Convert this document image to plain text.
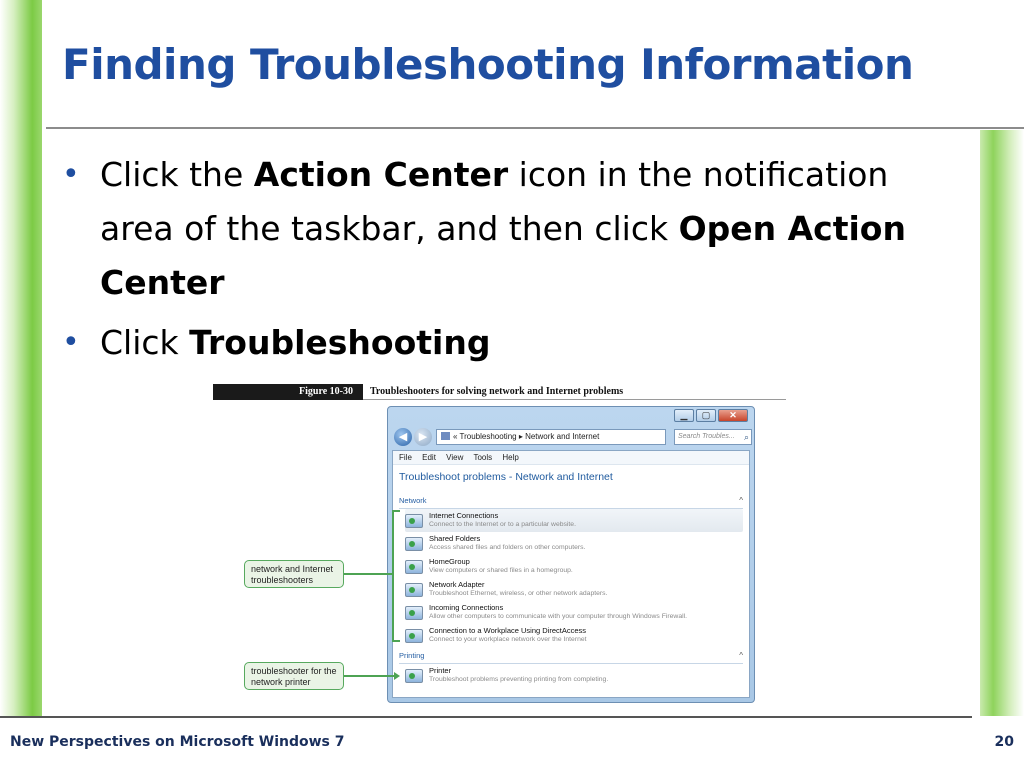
Finding Troubleshooting Information
• Click the Action Center icon in the notification area of the taskbar, and then click Open Action Center
• Click Troubleshooting
Figure 10-30	Troubleshooters for solving network and Internet problems
▁	▢	✕
◀	▶	« Troubleshooting ▸ Network and Internet	Search Troubles... ⌕
File Edit View Tools Help
Troubleshoot problems - Network and Internet
Network	^
Internet Connections
Connect to the Internet or to a particular website.
Shared Folders
Access shared files and folders on other computers.
HomeGroup
View computers or shared files in a homegroup.
Network Adapter
Troubleshoot Ethernet, wireless, or other network adapters.
Incoming Connections
Allow other computers to communicate with your computer through Windows Firewall.
Connection to a Workplace Using DirectAccess
Connect to your workplace network over the Internet
Printing	^
Printer
Troubleshoot problems preventing printing from completing.
network and Internet troubleshooters
troubleshooter for the network printer
New Perspectives on Microsoft Windows 7	20
